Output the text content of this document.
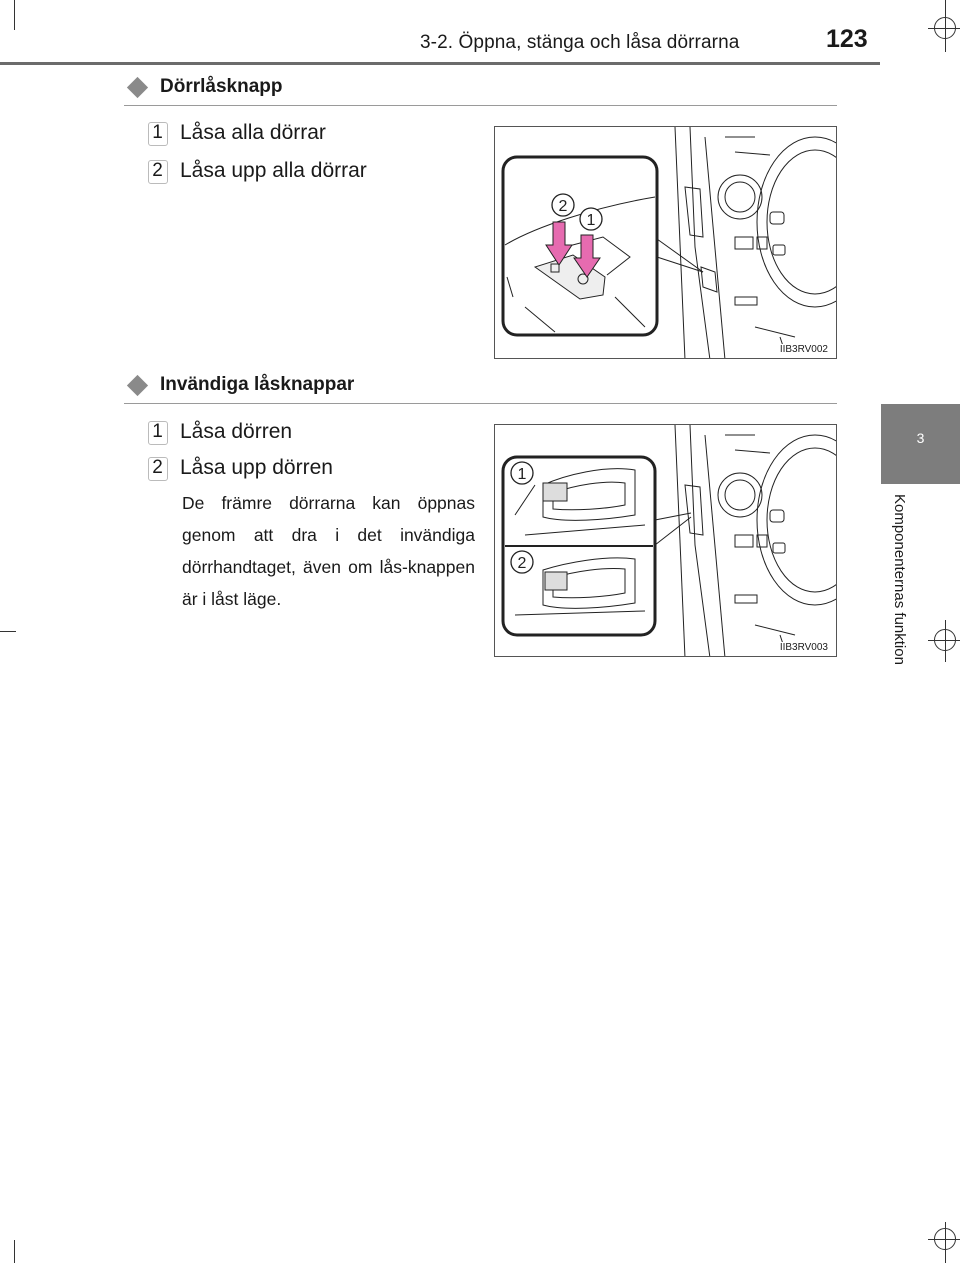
3-2. Öppna, stänga och låsa dörrarna	123
3
Komponenternas funktion
Dörrlåsknapp
1 Låsa alla dörrar
2 Låsa upp alla dörrar
2
1
IIB3RV002
Invändiga låsknappar
1 Låsa dörren
2 Låsa upp dörren
De främre dörrarna kan öppnas genom att dra i det invändiga dörrhandtaget, även om lås-knappen är i låst läge.
1
2
IIB3RV003
